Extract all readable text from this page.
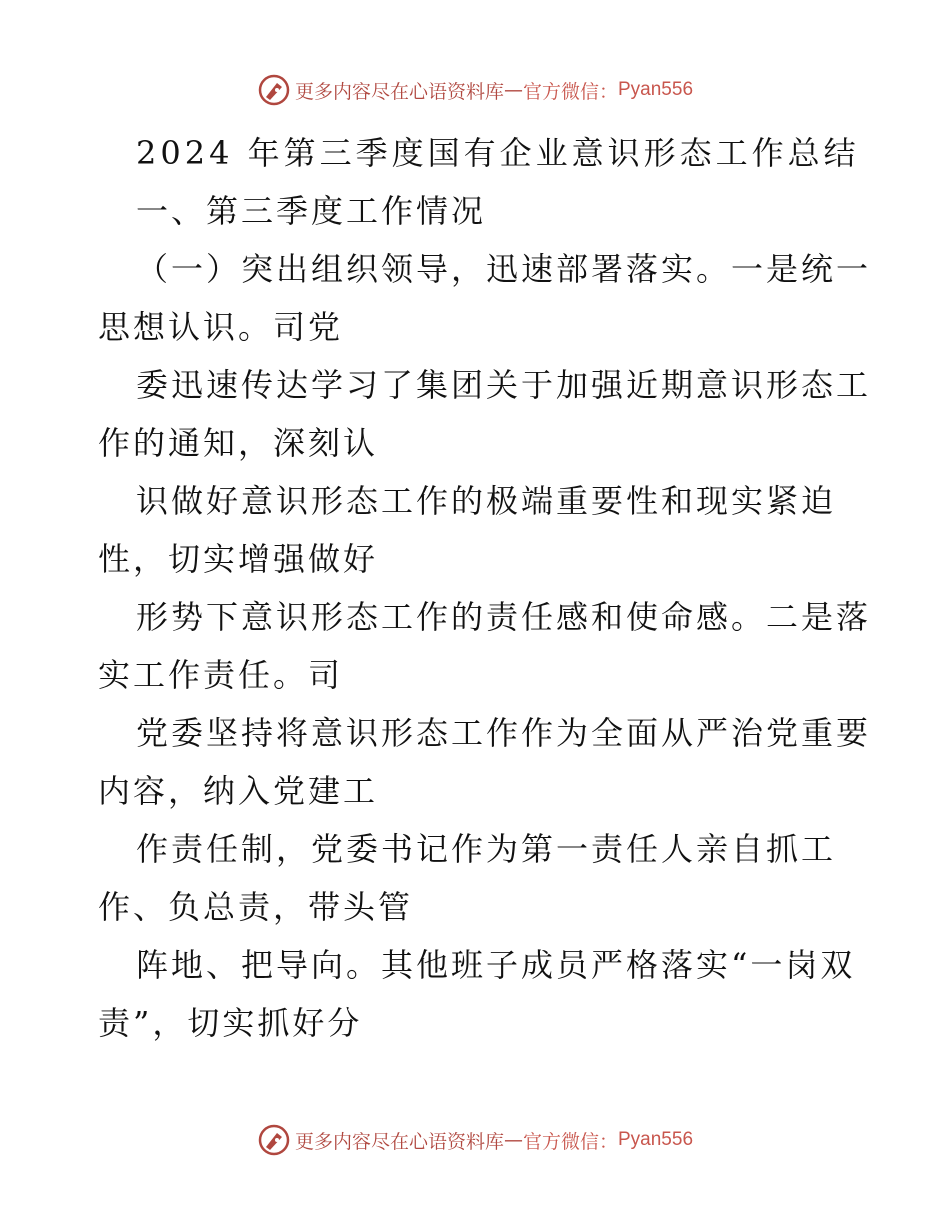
更多内容尽在心语资料库 — 官方微信： Pyan556
2024 年第三季度国有企业意识形态工作总结
一、第三季度工作情况
（一）突出组织领导，迅速部署落实。一是统一
思想认识。司党
委迅速传达学习了集团关于加强近期意识形态工
作的通知，深刻认
识做好意识形态工作的极端重要性和现实紧迫
性，切实增强做好
形势下意识形态工作的责任感和使命感。二是落
实工作责任。司
党委坚持将意识形态工作作为全面从严治党重要
内容，纳入党建工
作责任制，党委书记作为第一责任人亲自抓工
作、负总责，带头管
阵地、把导向。其他班子成员严格落实“一岗双
责”，切实抓好分
更多内容尽在心语资料库 — 官方微信： Pyan556
